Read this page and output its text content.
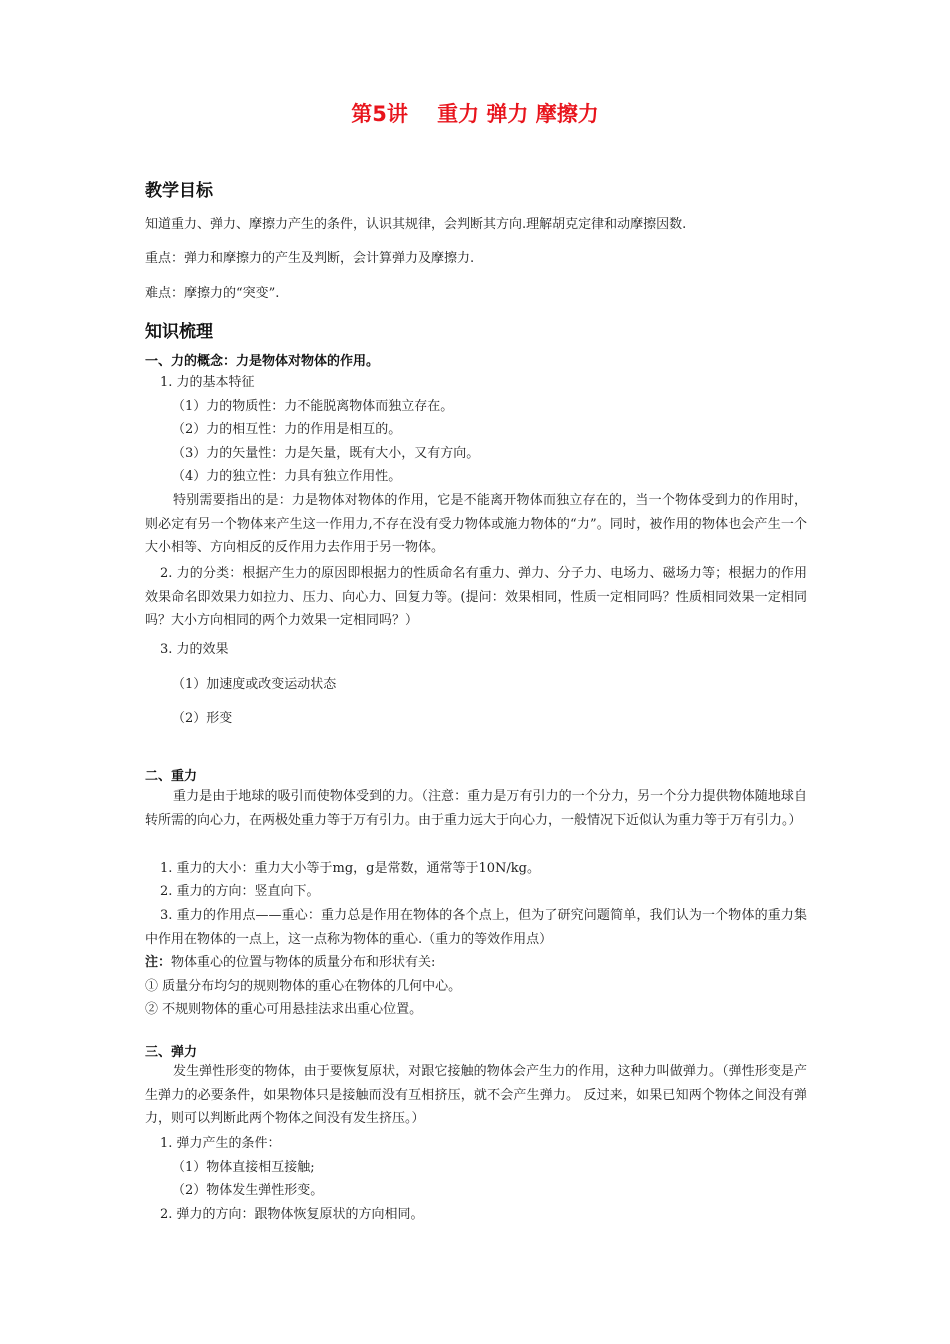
第5讲    重力 弹力 摩擦力
教学目标
知道重力、弹力、摩擦力产生的条件，认识其规律，会判断其方向.理解胡克定律和动摩擦因数.
重点：弹力和摩擦力的产生及判断，会计算弹力及摩擦力.
难点：摩擦力的“突变”.
知识梳理
一、力的概念：力是物体对物体的作用。
1. 力的基本特征
（1）力的物质性：力不能脱离物体而独立存在。
（2）力的相互性：力的作用是相互的。
（3）力的矢量性：力是矢量，既有大小，又有方向。
（4）力的独立性：力具有独立作用性。
特别需要指出的是：力是物体对物体的作用，它是不能离开物体而独立存在的，当一个物体受到力的作用时，则必定有另一个物体来产生这一作用力,不存在没有受力物体或施力物体的“力”。同时，被作用的物体也会产生一个大小相等、方向相反的反作用力去作用于另一物体。
2. 力的分类：根据产生力的原因即根据力的性质命名有重力、弹力、分子力、电场力、磁场力等；根据力的作用效果命名即效果力如拉力、压力、向心力、回复力等。(提问：效果相同，性质一定相同吗？性质相同效果一定相同吗？大小方向相同的两个力效果一定相同吗？）
3. 力的效果
（1）加速度或改变运动状态
（2）形变
二、重力
重力是由于地球的吸引而使物体受到的力。（注意：重力是万有引力的一个分力，另一个分力提供物体随地球自转所需的向心力，在两极处重力等于万有引力。由于重力远大于向心力，一般情况下近似认为重力等于万有引力。）
1. 重力的大小：重力大小等于mg，g是常数，通常等于10N/kg。
2. 重力的方向：竖直向下。
3. 重力的作用点——重心：重力总是作用在物体的各个点上，但为了研究问题简单，我们认为一个物体的重力集中作用在物体的一点上，这一点称为物体的重心.（重力的等效作用点）
注：物体重心的位置与物体的质量分布和形状有关:
① 质量分布均匀的规则物体的重心在物体的几何中心。
② 不规则物体的重心可用悬挂法求出重心位置。
三、弹力
发生弹性形变的物体，由于要恢复原状，对跟它接触的物体会产生力的作用，这种力叫做弹力。（弹性形变是产生弹力的必要条件，如果物体只是接触而没有互相挤压，就不会产生弹力。 反过来，如果已知两个物体之间没有弹力，则可以判断此两个物体之间没有发生挤压。）
1. 弹力产生的条件：
（1）物体直接相互接触;
（2）物体发生弹性形变。
2. 弹力的方向：跟物体恢复原状的方向相同。
